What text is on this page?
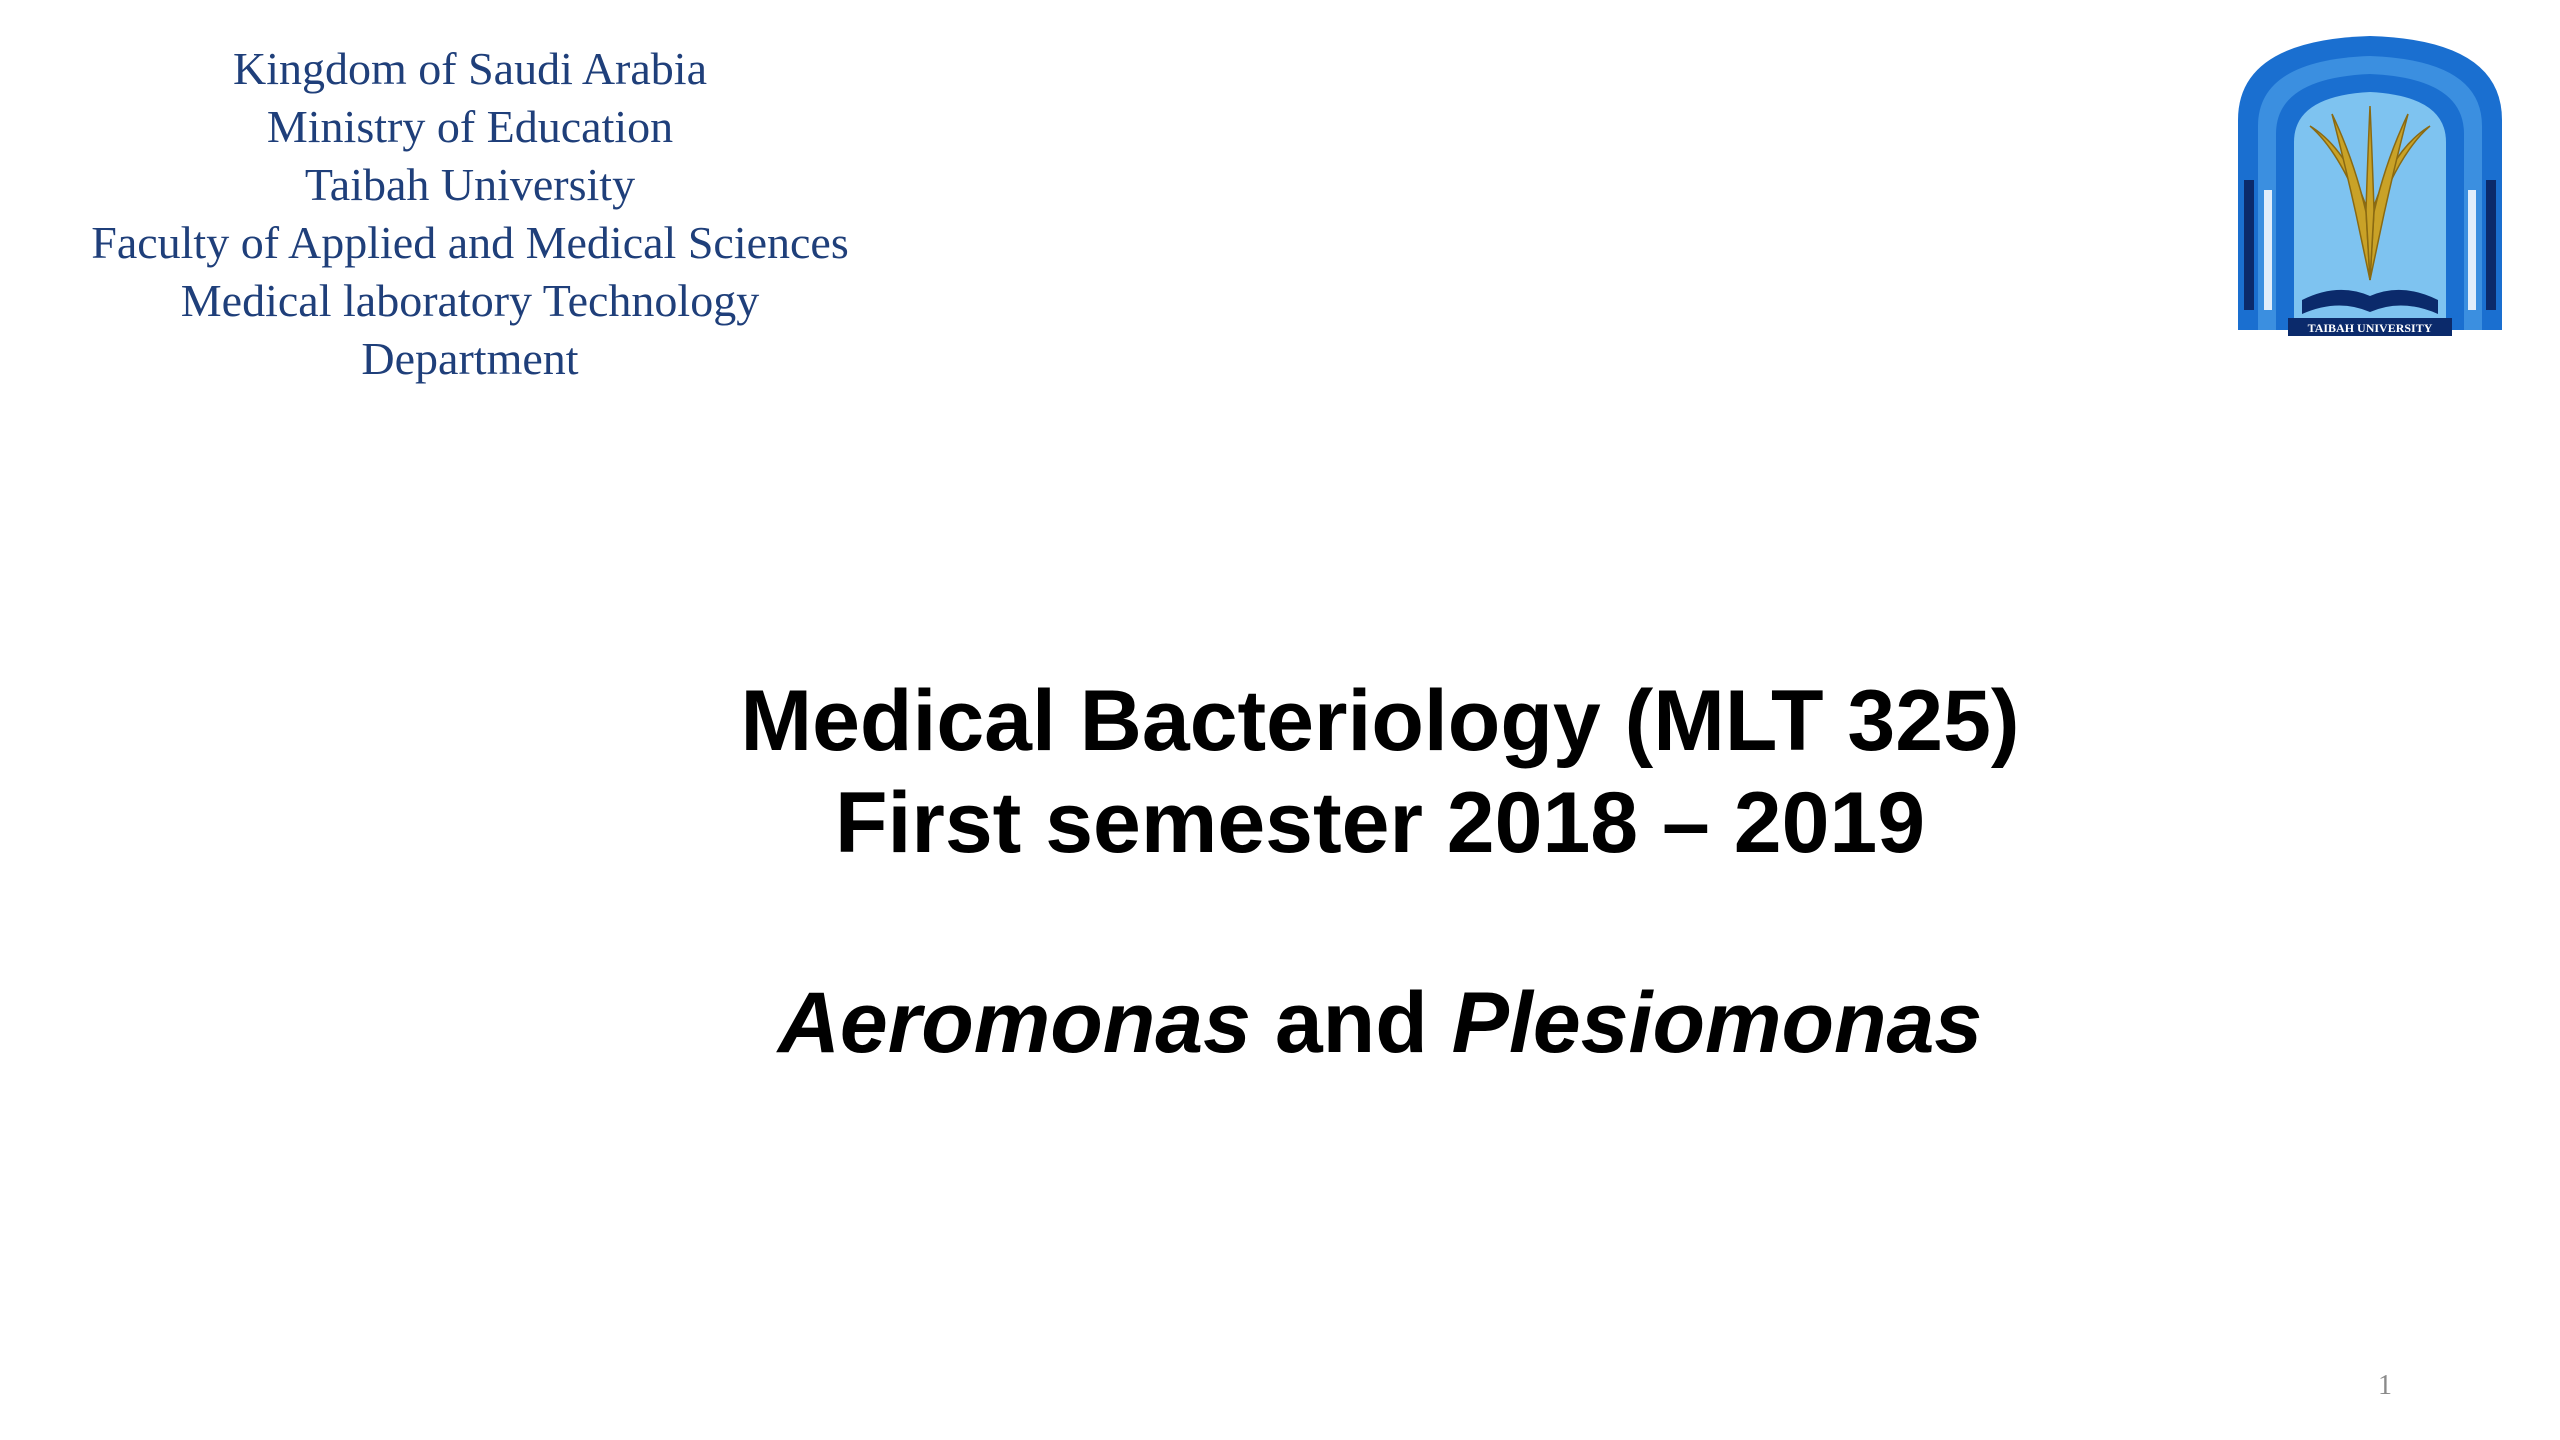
Kingdom of Saudi Arabia
Ministry of Education
Taibah University
Faculty of Applied and Medical Sciences
Medical laboratory Technology
Department
TAIBAH UNIVERSITY
Medical Bacteriology (MLT 325)
First semester 2018 – 2019
Aeromonas and Plesiomonas
1
